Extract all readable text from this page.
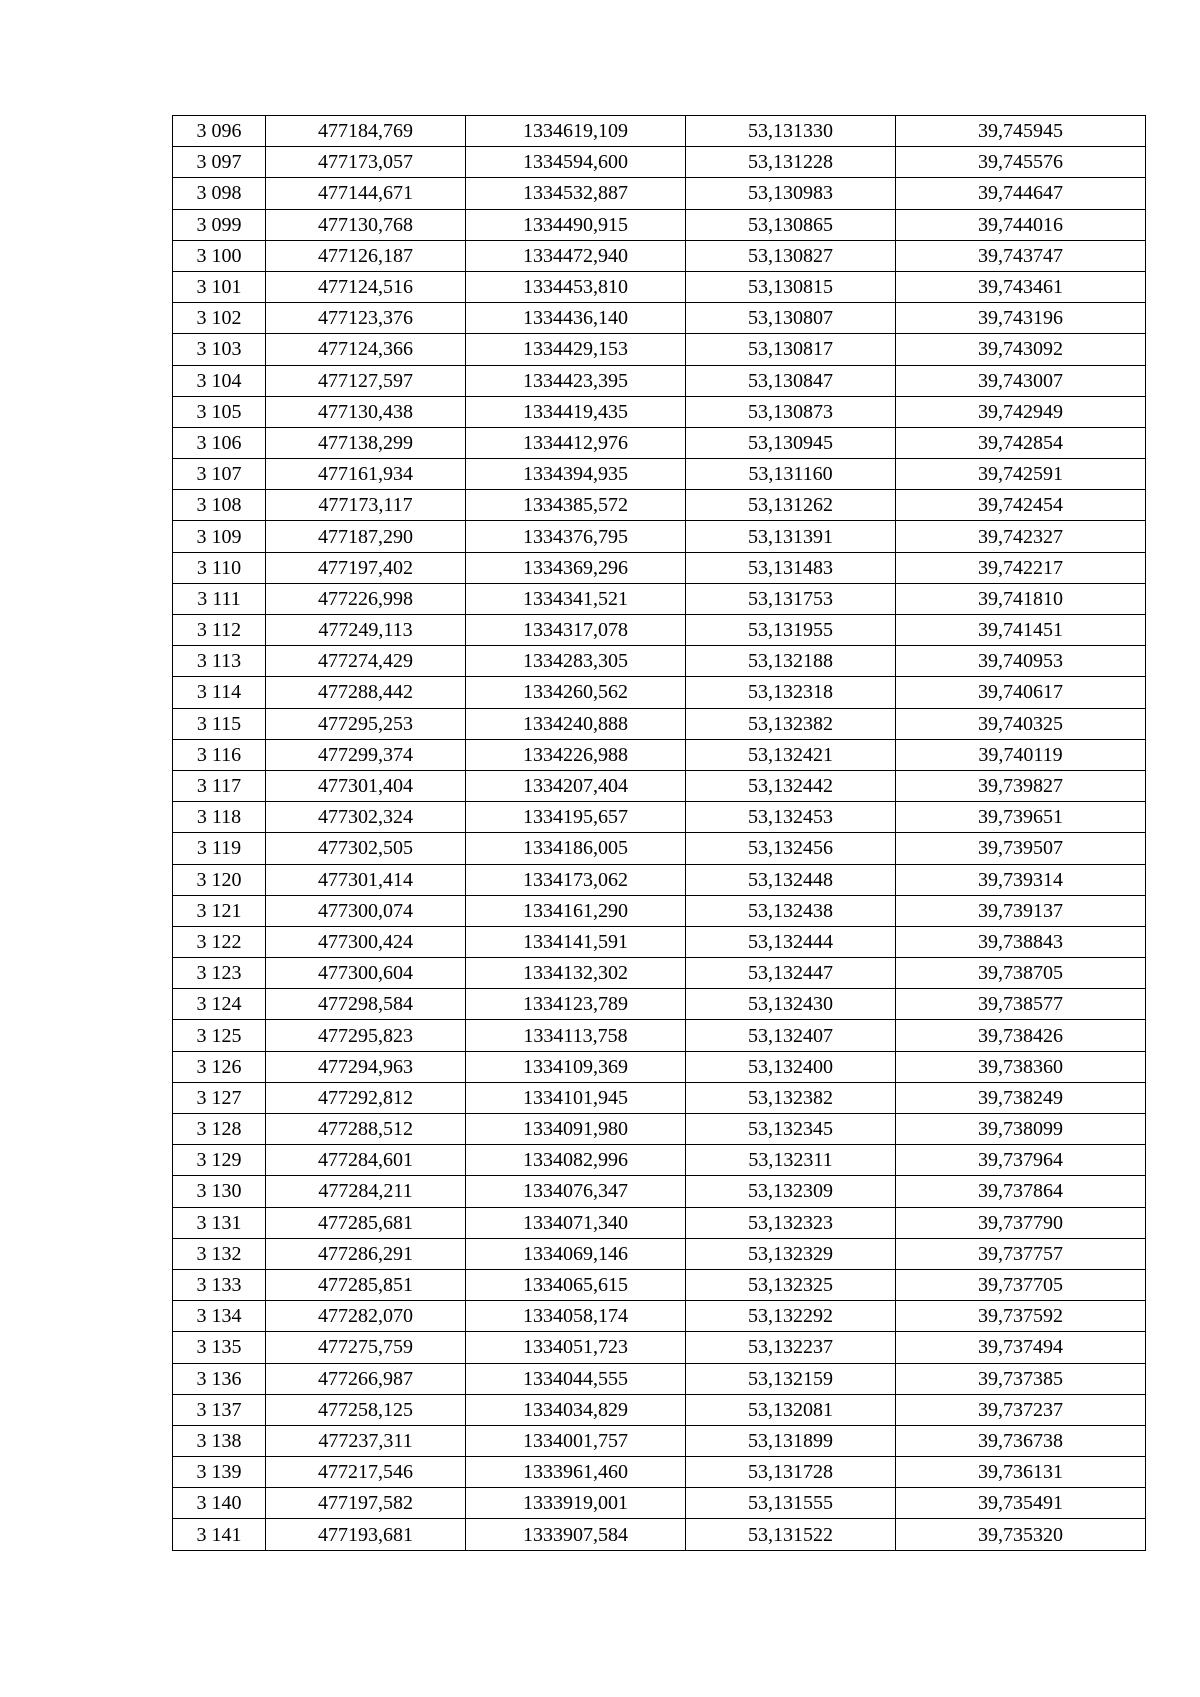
3 096	477184,769	1334619,109	53,131330	39,745945
3 097	477173,057	1334594,600	53,131228	39,745576
3 098	477144,671	1334532,887	53,130983	39,744647
3 099	477130,768	1334490,915	53,130865	39,744016
3 100	477126,187	1334472,940	53,130827	39,743747
3 101	477124,516	1334453,810	53,130815	39,743461
3 102	477123,376	1334436,140	53,130807	39,743196
3 103	477124,366	1334429,153	53,130817	39,743092
3 104	477127,597	1334423,395	53,130847	39,743007
3 105	477130,438	1334419,435	53,130873	39,742949
3 106	477138,299	1334412,976	53,130945	39,742854
3 107	477161,934	1334394,935	53,131160	39,742591
3 108	477173,117	1334385,572	53,131262	39,742454
3 109	477187,290	1334376,795	53,131391	39,742327
3 110	477197,402	1334369,296	53,131483	39,742217
3 111	477226,998	1334341,521	53,131753	39,741810
3 112	477249,113	1334317,078	53,131955	39,741451
3 113	477274,429	1334283,305	53,132188	39,740953
3 114	477288,442	1334260,562	53,132318	39,740617
3 115	477295,253	1334240,888	53,132382	39,740325
3 116	477299,374	1334226,988	53,132421	39,740119
3 117	477301,404	1334207,404	53,132442	39,739827
3 118	477302,324	1334195,657	53,132453	39,739651
3 119	477302,505	1334186,005	53,132456	39,739507
3 120	477301,414	1334173,062	53,132448	39,739314
3 121	477300,074	1334161,290	53,132438	39,739137
3 122	477300,424	1334141,591	53,132444	39,738843
3 123	477300,604	1334132,302	53,132447	39,738705
3 124	477298,584	1334123,789	53,132430	39,738577
3 125	477295,823	1334113,758	53,132407	39,738426
3 126	477294,963	1334109,369	53,132400	39,738360
3 127	477292,812	1334101,945	53,132382	39,738249
3 128	477288,512	1334091,980	53,132345	39,738099
3 129	477284,601	1334082,996	53,132311	39,737964
3 130	477284,211	1334076,347	53,132309	39,737864
3 131	477285,681	1334071,340	53,132323	39,737790
3 132	477286,291	1334069,146	53,132329	39,737757
3 133	477285,851	1334065,615	53,132325	39,737705
3 134	477282,070	1334058,174	53,132292	39,737592
3 135	477275,759	1334051,723	53,132237	39,737494
3 136	477266,987	1334044,555	53,132159	39,737385
3 137	477258,125	1334034,829	53,132081	39,737237
3 138	477237,311	1334001,757	53,131899	39,736738
3 139	477217,546	1333961,460	53,131728	39,736131
3 140	477197,582	1333919,001	53,131555	39,735491
3 141	477193,681	1333907,584	53,131522	39,735320
